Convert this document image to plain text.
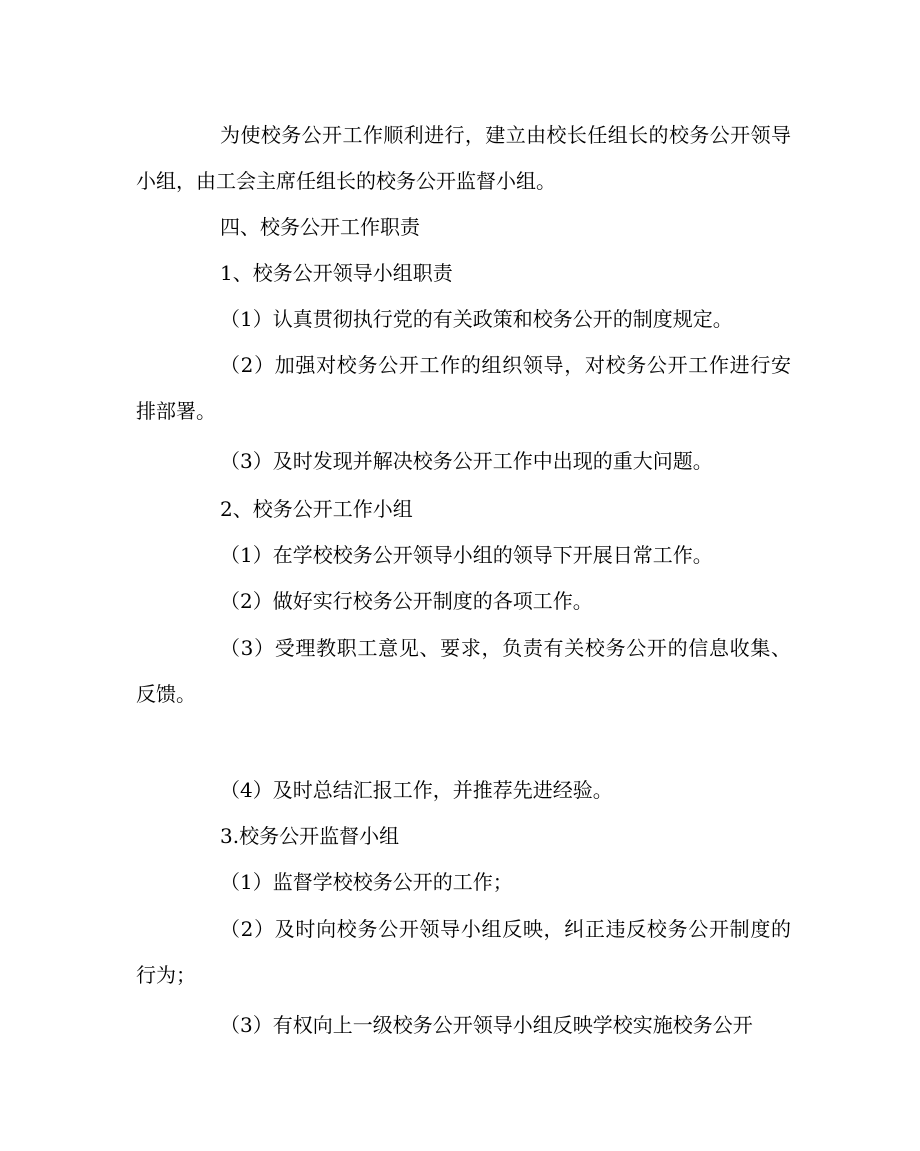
为使校务公开工作顺利进行，建立由校长任组长的校务公开领导小组，由工会主席任组长的校务公开监督小组。

四、校务公开工作职责

1、校务公开领导小组职责

（1）认真贯彻执行党的有关政策和校务公开的制度规定。

（2）加强对校务公开工作的组织领导，对校务公开工作进行安排部署。

（3）及时发现并解决校务公开工作中出现的重大问题。

2、校务公开工作小组

（1）在学校校务公开领导小组的领导下开展日常工作。

（2）做好实行校务公开制度的各项工作。

（3）受理教职工意见、要求，负责有关校务公开的信息收集、反馈。

（4）及时总结汇报工作，并推荐先进经验。

3.校务公开监督小组

（1）监督学校校务公开的工作；

（2）及时向校务公开领导小组反映，纠正违反校务公开制度的行为；

（3）有权向上一级校务公开领导小组反映学校实施校务公开
